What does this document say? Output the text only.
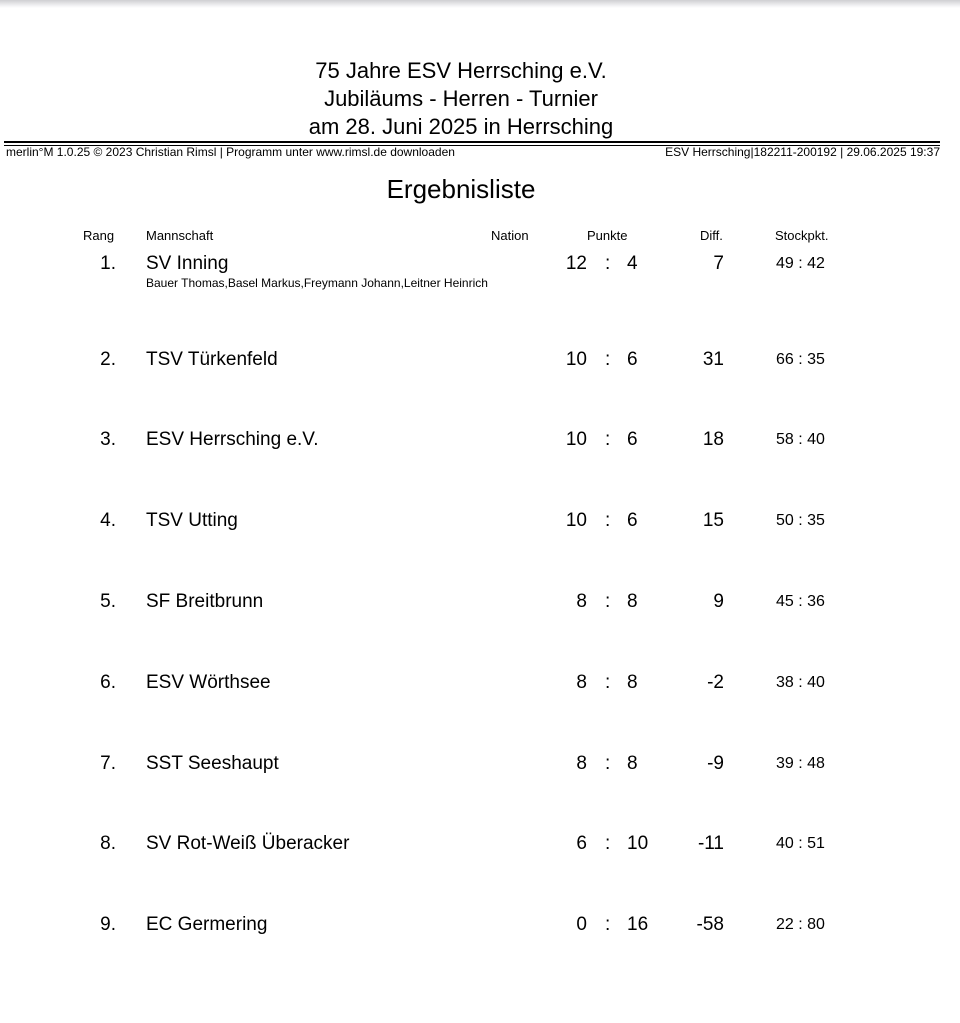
75 Jahre ESV Herrsching e.V.
Jubiläums - Herren - Turnier
am 28. Juni 2025 in Herrsching
merlin°M 1.0.25 © 2023 Christian Rimsl | Programm unter www.rimsl.de downloaden	ESV Herrsching|182211-200192 | 29.06.2025 19:37
Ergebnisliste
Rang Mannschaft	Nation	Punkte	Diff.	Stockpkt.
1. SV Inning	12 : 4	7	49 : 42
Bauer Thomas,Basel Markus,Freymann Johann,Leitner Heinrich
2. TSV Türkenfeld	10 : 6	31	66 : 35
3. ESV Herrsching e.V.	10 : 6	18	58 : 40
4. TSV Utting	10 : 6	15	50 : 35
5. SF Breitbrunn	8 : 8	9	45 : 36
6. ESV Wörthsee	8 : 8	-2	38 : 40
7. SST Seeshaupt	8 : 8	-9	39 : 48
8. SV Rot-Weiß Überacker	6 : 10	-11	40 : 51
9. EC Germering	0 : 16	-58	22 : 80
